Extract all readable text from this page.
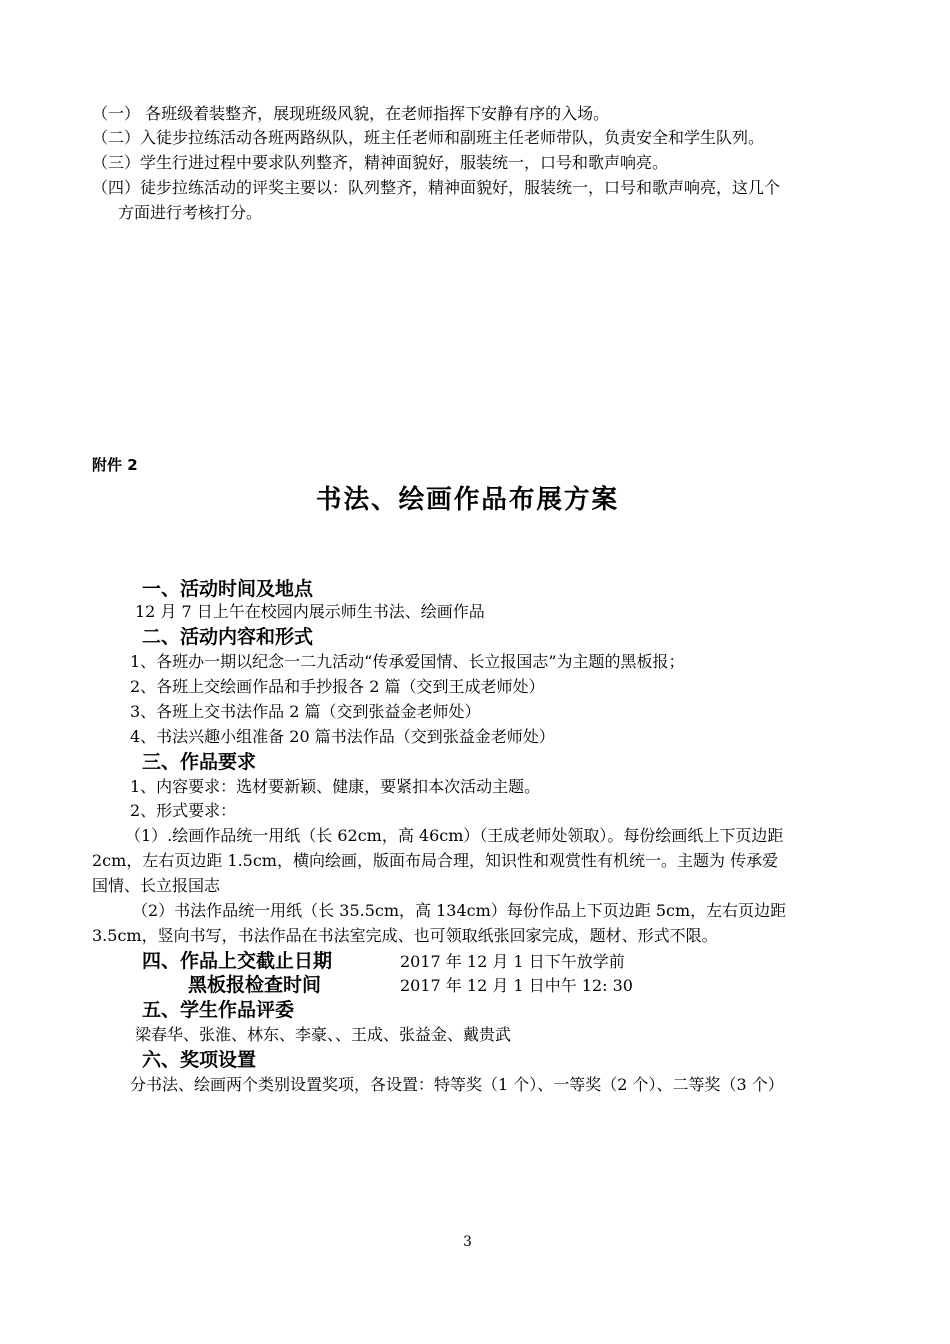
（一） 各班级着装整齐，展现班级风貌，在老师指挥下安静有序的入场。
（二）入徒步拉练活动各班两路纵队，班主任老师和副班主任老师带队，负责安全和学生队列。
（三）学生行进过程中要求队列整齐，精神面貌好，服装统一，口号和歌声响亮。
（四）徒步拉练活动的评奖主要以：队列整齐，精神面貌好，服装统一，口号和歌声响亮，这几个
方面进行考核打分。
附件 2
书法、绘画作品布展方案
一、活动时间及地点
12 月 7 日上午在校园内展示师生书法、绘画作品
二、活动内容和形式
1、各班办一期以纪念一二九活动“传承爱国情、长立报国志”为主题的黑板报；
2、各班上交绘画作品和手抄报各 2 篇（交到王成老师处）
3、各班上交书法作品 2 篇（交到张益金老师处）
4、书法兴趣小组准备 20 篇书法作品（交到张益金老师处）
三、作品要求
1、内容要求：选材要新颖、健康，要紧扣本次活动主题。
2、形式要求：
（1）.绘画作品统一用纸（长 62cm，高 46cm）（王成老师处领取）。每份绘画纸上下页边距
2cm，左右页边距 1.5cm，横向绘画，版面布局合理，知识性和观赏性有机统一。主题为 传承爱
国情、长立报国志
（2）书法作品统一用纸（长 35.5cm，高 134cm）每份作品上下页边距 5cm，左右页边距
3.5cm，竖向书写，书法作品在书法室完成、也可领取纸张回家完成，题材、形式不限。
四、作品上交截止日期	2017 年 12 月 1 日下午放学前
黑板报检查时间	2017 年 12 月 1 日中午 12: 30
五、学生作品评委
梁春华、张淮、林东、李豪、、王成、张益金、戴贵武
六、奖项设置
分书法、绘画两个类别设置奖项，各设置：特等奖（1 个）、一等奖（2 个）、二等奖（3 个）
3
